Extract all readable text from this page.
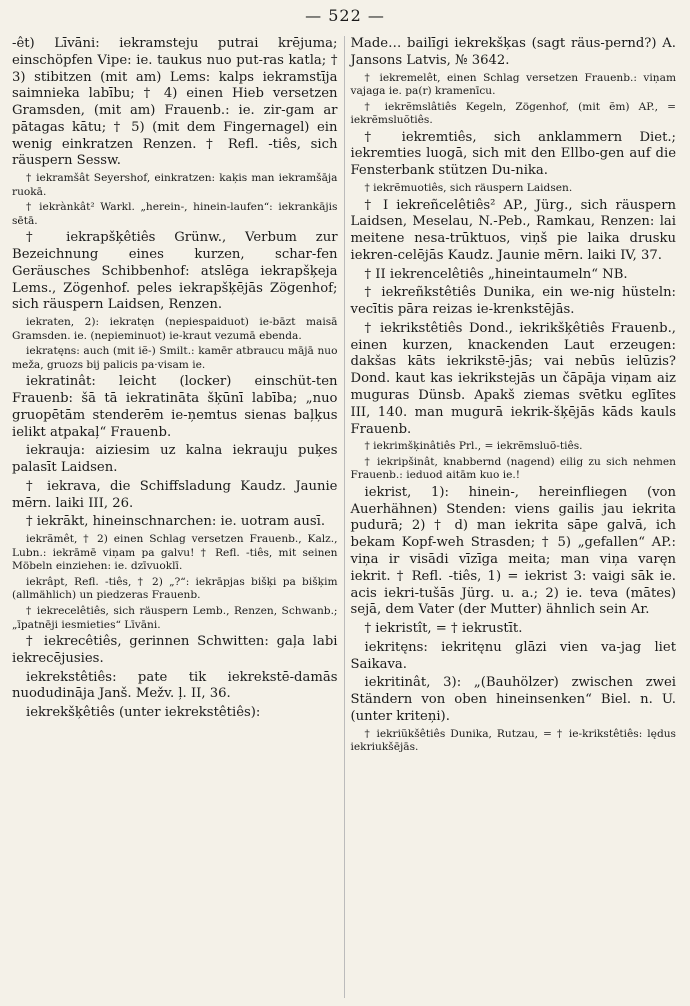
— 522 —

-êt) Līvāni: iekramsteju putrai krējuma; einschöpfen Vipe: ie. taukus nuo put-ras katla; † 3) stibitzen (mit am) Lems: kalps iekramstīja saimnieka labību; † 4) einen Hieb versetzen Gramsden, (mit am) Frauenb.: ie. zir-gam ar pātagas kātu; † 5) (mit dem Fingernagel) ein wenig einkratzen Renzen. † Refl. -tiês, sich räuspern Sessw.

† iekramšât Seyershof, einkratzen: kaķis man iekramšāja ruokā.

† iekrànkât² Warkl. „herein-, hinein-laufen“: iekrankājis sētā.

† iekrapšķêtiês Grünw., Verbum zur Bezeichnung eines kurzen, schar-fen Geräusches Schibbenhof: atslēga iekrapšķeja Lems., Zögenhof. peles iekrapšķējās Zögenhof; sich räuspern Laidsen, Renzen.

iekraten, 2): iekratęn (nepiespaiduot) ie-bāzt maisā Gramsden. ie. (nepieminuot) ie-kraut vezumā ebenda.

iekratęns: auch (mit iẽ-) Smilt.: kamēr atbraucu mājā nuo meža, gruozs bij palicis pa·visam ie.

iekratinât: leicht (locker) einschüt-ten Frauenb: šā tā iekratināta šķūnī labība; „nuo gruopētām stenderēm ie-ņemtus sienas baļķus ielikt atpakaļ“ Frauenb.

iekrauja: aiziesim uz kalna iekrauju puķes palasīt Laidsen.

† iekrava, die Schiffsladung Kaudz. Jaunie mērn. laiki III, 26.

† iekrākt, hineinschnarchen: ie. uotram ausī.

iekrãmêt, † 2) einen Schlag versetzen Frauenb., Kalz., Lubn.: iekrāmē viņam pa galvu! † Refl. -tiês, mit seinen Möbeln einziehen: ie. dzīvuoklī.

iekrâpt, Refl. -tiês, † 2) „?“: iekrāpjas bišķi pa bišķim (allmählich) un piedzeras Frauenb.

† iekrecelêtiês, sich räuspern Lemb., Renzen, Schwanb.; „īpatnēji iesmieties“ Līvāni.

† iekrecêtiês, gerinnen Schwitten: gaļa labi iekrecējusies.

iekrekstêtiês: pate tik iekrekstē-damās nuodudināja Janš. Mežv. ļ. II, 36.

iekrekšķêtiês (unter iekrekstêtiês):

Made… bailīgi iekrekšķas (sagt räus-pernd?) A. Jansons Latvis, № 3642.

† iekremelêt, einen Schlag versetzen Frauenb.: viņam vajaga ie. pa(r) kramenīcu.

† iekrẽmslâtiês Kegeln, Zögenhof, (mit ẽm) AP., = iekrẽmsluõtiês.

† iekremtiês, sich anklammern Diet.; iekremties luogā, sich mit den Ellbo-gen auf die Fensterbank stützen Du-nika.

† iekrẽmuotiês, sich räuspern Laidsen.

† I iekreñcelêtiês² AP., Jürg., sich räuspern Laidsen, Meselau, N.-Peb., Ramkau, Renzen: lai meitene nesa-trūktuos, viņš pie laika drusku iekren-celējās Kaudz. Jaunie mērn. laiki IV, 37.

† II iekrencelêtiês „hineintaumeln“ NB.

† iekreñkstêtiês Dunika, ein we-nig hüsteln: vecītis pāra reizas ie-krenkstējās.

† iekrikstêtiês Dond., iekrikšķêtiês Frauenb., einen kurzen, knackenden Laut erzeugen: dakšas kāts iekrikstē-jās; vai nebūs ielūzis? Dond. kaut kas iekrikstejās un čāpāja viņam aiz muguras Dünsb. Apakš ziemas svētku eglītes III, 140. man mugurā iekrik-šķējās kāds kauls Frauenb.

† iekrimšķinâtiês Prl., = iekrẽmsluõ-tiês.

† iekripšinât, knabbernd (nagend) eilig zu sich nehmen Frauenb.: ieduod aitām kuo ie.!

iekrist, 1): hinein-, hereinfliegen (von Auerhähnen) Stenden: viens gailis jau iekrita pudurā; 2) † d) man iekrita sāpe galvā, ich bekam Kopf-weh Strasden; † 5) „gefallen“ AP.: viņa ir visādi vīzīga meita; man viņa varęn iekrit. † Refl. -tiês, 1) = iekrist 3: vaigi sāk ie. acis iekri-tušās Jürg. u. a.; 2) ie. teva (mātes) sejā, dem Vater (der Mutter) ähnlich sein Ar.

† iekristît, = † iekrustīt.

iekritęns: iekritęnu glāzi vien va-jag liet Saikava.

iekritinât, 3): „(Bauhölzer) zwischen zwei Ständern von oben hineinsenken“ Biel. n. U. (unter kriteņi).

† iekriũkšêtiês Dunika, Rutzau, = † ie-krikstêtiês: lędus iekriukšējās.
